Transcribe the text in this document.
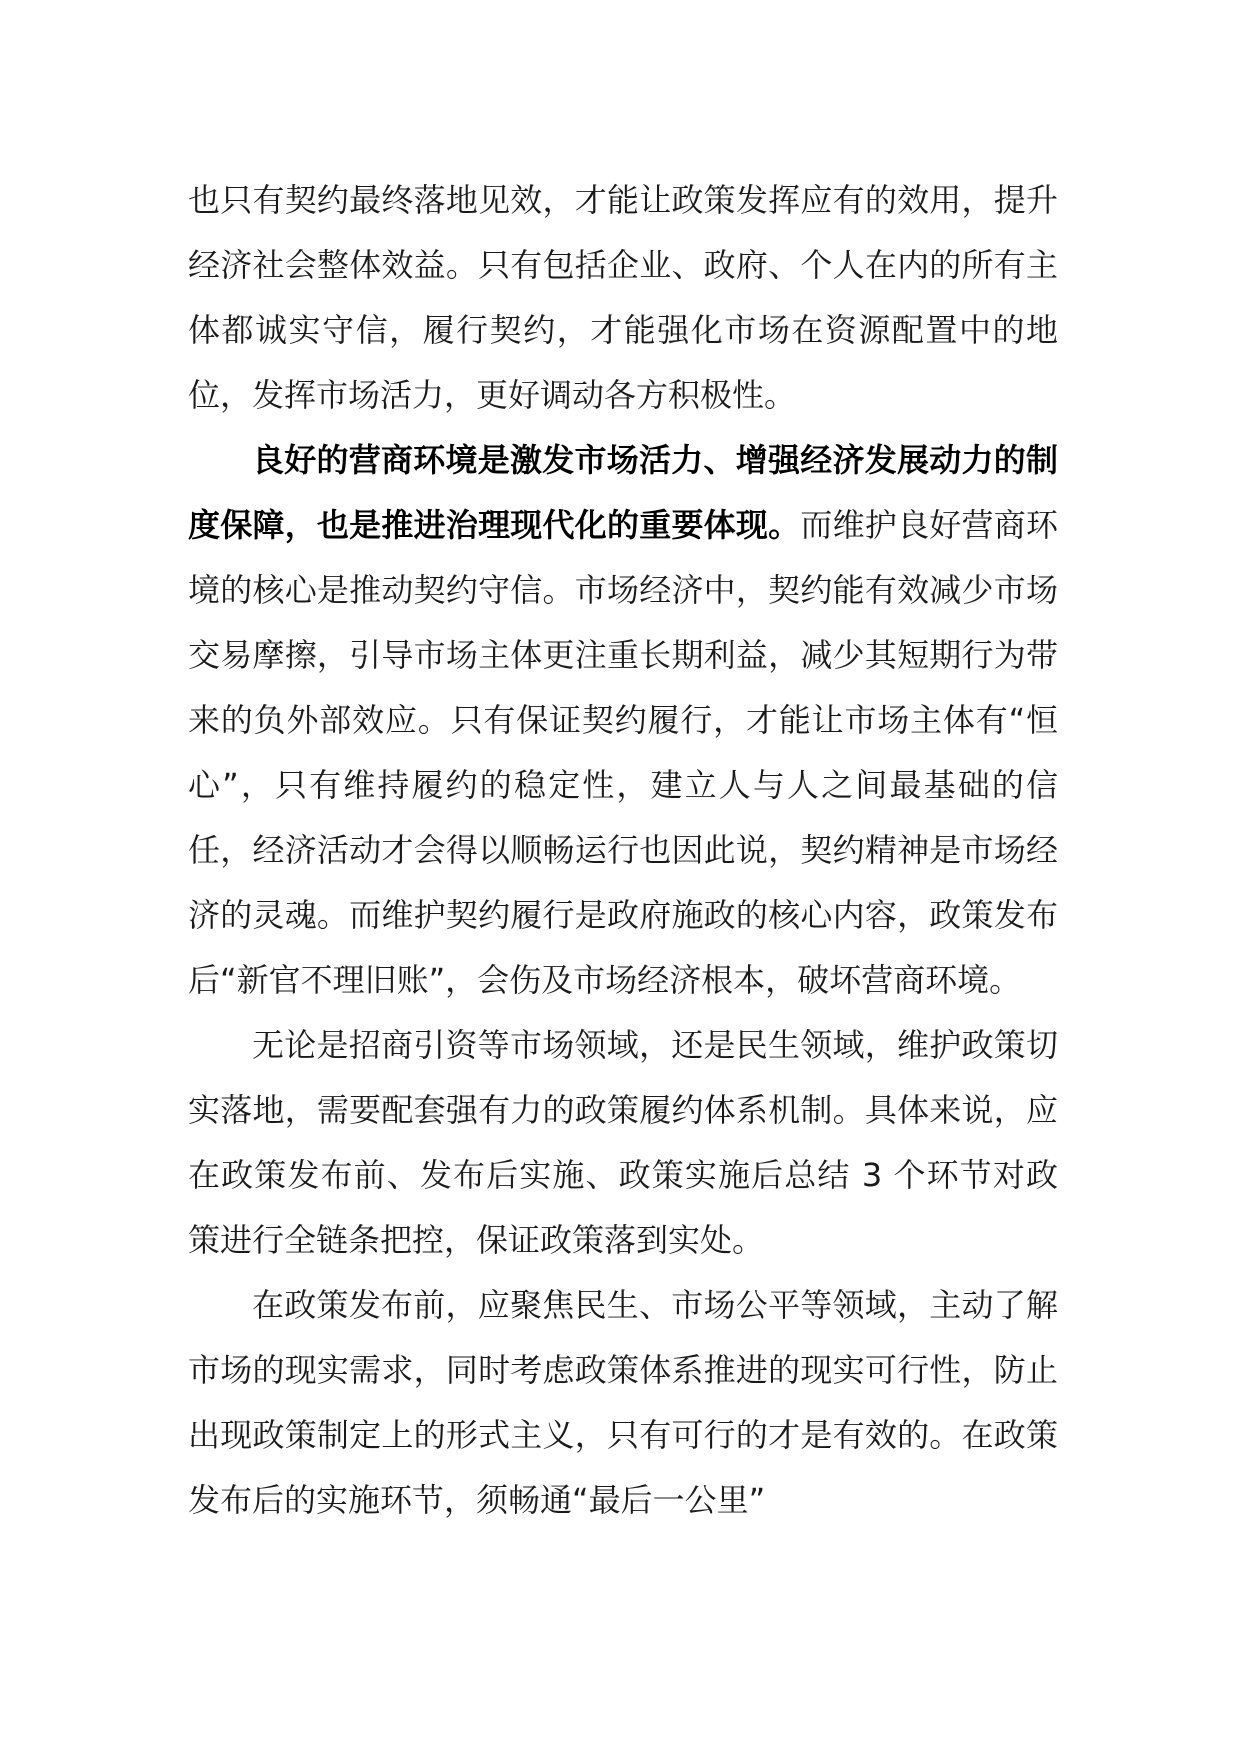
也只有契约最终落地见效，才能让政策发挥应有的效用，提升经济社会整体效益。只有包括企业、政府、个人在内的所有主体都诚实守信，履行契约，才能强化市场在资源配置中的地位，发挥市场活力，更好调动各方积极性。

良好的营商环境是激发市场活力、增强经济发展动力的制度保障，也是推进治理现代化的重要体现。而维护良好营商环境的核心是推动契约守信。市场经济中，契约能有效减少市场交易摩擦，引导市场主体更注重长期利益，减少其短期行为带来的负外部效应。只有保证契约履行，才能让市场主体有“恒心”，只有维持履约的稳定性，建立人与人之间最基础的信任，经济活动才会得以顺畅运行也因此说，契约精神是市场经济的灵魂。而维护契约履行是政府施政的核心内容，政策发布后“新官不理旧账”，会伤及市场经济根本，破坏营商环境。

无论是招商引资等市场领域，还是民生领域，维护政策切实落地，需要配套强有力的政策履约体系机制。具体来说，应在政策发布前、发布后实施、政策实施后总结 3 个环节对政策进行全链条把控，保证政策落到实处。

在政策发布前，应聚焦民生、市场公平等领域，主动了解市场的现实需求，同时考虑政策体系推进的现实可行性，防止出现政策制定上的形式主义，只有可行的才是有效的。在政策发布后的实施环节，须畅通“最后一公里”
